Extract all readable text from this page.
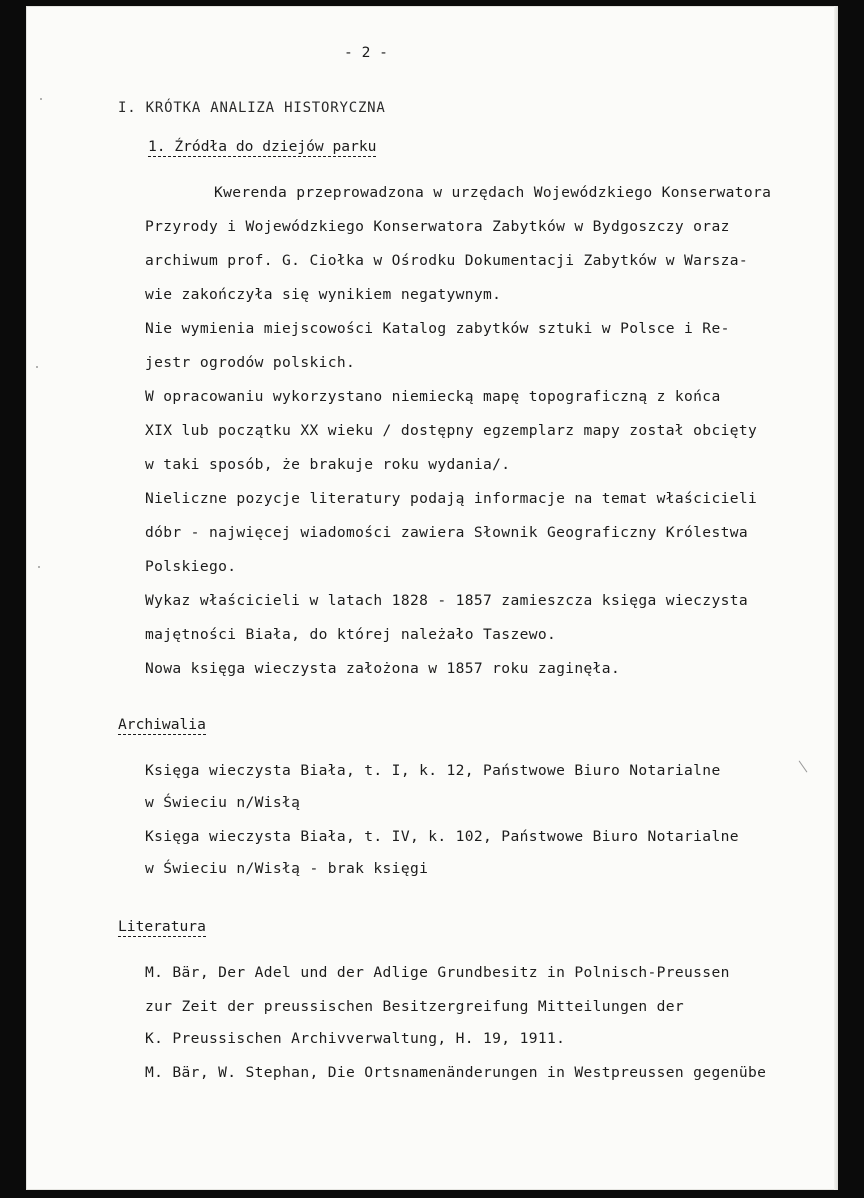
- 2 -
I. KRÓTKA ANALIZA HISTORYCZNA
1. Źródła do dziejów parku
Kwerenda przeprowadzona w urzędach Wojewódzkiego Konserwatora
Przyrody i Wojewódzkiego Konserwatora Zabytków w Bydgoszczy oraz
archiwum prof. G. Ciołka w Ośrodku Dokumentacji Zabytków w Warsza-
wie zakończyła się wynikiem negatywnym.
Nie wymienia miejscowości Katalog zabytków sztuki w Polsce i Re-
jestr ogrodów polskich.
W opracowaniu wykorzystano niemiecką mapę topograficzną z końca
XIX lub początku XX wieku / dostępny egzemplarz mapy został obcięty
w taki sposób, że brakuje roku wydania/.
Nieliczne pozycje literatury podają informacje na temat właścicieli
dóbr - najwięcej wiadomości zawiera Słownik Geograficzny Królestwa
Polskiego.
Wykaz właścicieli w latach 1828 - 1857 zamieszcza księga wieczysta
majętności Biała, do której należało Taszewo.
Nowa księga wieczysta założona w 1857 roku zaginęła.
Archiwalia
Księga wieczysta Biała, t. I, k. 12, Państwowe Biuro Notarialne
w Świeciu n/Wisłą
Księga wieczysta Biała, t. IV, k. 102, Państwowe Biuro Notarialne
w Świeciu n/Wisłą - brak księgi
Literatura
M. Bär, Der Adel und der Adlige Grundbesitz in Polnisch-Preussen
zur Zeit der preussischen Besitzergreifung Mitteilungen der
K. Preussischen Archivverwaltung, H. 19, 1911.
M. Bär, W. Stephan, Die Ortsnamenänderungen in Westpreussen gegenübe
